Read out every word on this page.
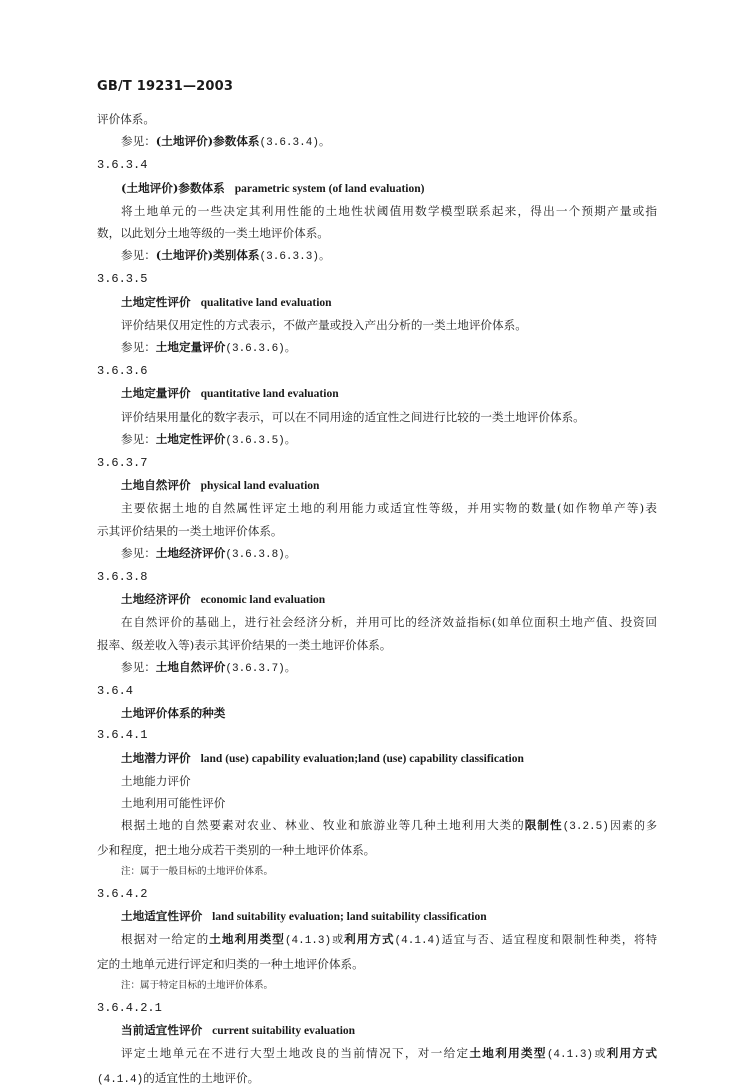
GB/T 19231—2003
评价体系。
参见：(土地评价)参数体系(3.6.3.4)。
3.6.3.4
(土地评价)参数体系 parametric system (of land evaluation)
将土地单元的一些决定其利用性能的土地性状阈值用数学模型联系起来，得出一个预期产量或指
数，以此划分土地等级的一类土地评价体系。
参见：(土地评价)类别体系(3.6.3.3)。
3.6.3.5
土地定性评价 qualitative land evaluation
评价结果仅用定性的方式表示，不做产量或投入产出分析的一类土地评价体系。
参见：土地定量评价(3.6.3.6)。
3.6.3.6
土地定量评价 quantitative land evaluation
评价结果用量化的数字表示，可以在不同用途的适宜性之间进行比较的一类土地评价体系。
参见：土地定性评价(3.6.3.5)。
3.6.3.7
土地自然评价 physical land evaluation
主要依据土地的自然属性评定土地的利用能力或适宜性等级，并用实物的数量(如作物单产等)表
示其评价结果的一类土地评价体系。
参见：土地经济评价(3.6.3.8)。
3.6.3.8
土地经济评价 economic land evaluation
在自然评价的基础上，进行社会经济分析，并用可比的经济效益指标(如单位面积土地产值、投资回
报率、级差收入等)表示其评价结果的一类土地评价体系。
参见：土地自然评价(3.6.3.7)。
3.6.4
土地评价体系的种类
3.6.4.1
土地潜力评价 land (use) capability evaluation;land (use) capability classification
土地能力评价
土地利用可能性评价
根据土地的自然要素对农业、林业、牧业和旅游业等几种土地利用大类的限制性(3.2.5)因素的多
少和程度，把土地分成若干类别的一种土地评价体系。
注：属于一般目标的土地评价体系。
3.6.4.2
土地适宜性评价 land suitability evaluation; land suitability classification
根据对一给定的土地利用类型(4.1.3)或利用方式(4.1.4)适宜与否、适宜程度和限制性种类，将特
定的土地单元进行评定和归类的一种土地评价体系。
注：属于特定目标的土地评价体系。
3.6.4.2.1
当前适宜性评价 current suitability evaluation
评定土地单元在不进行大型土地改良的当前情况下，对一给定土地利用类型(4.1.3)或利用方式
(4.1.4)的适宜性的土地评价。
